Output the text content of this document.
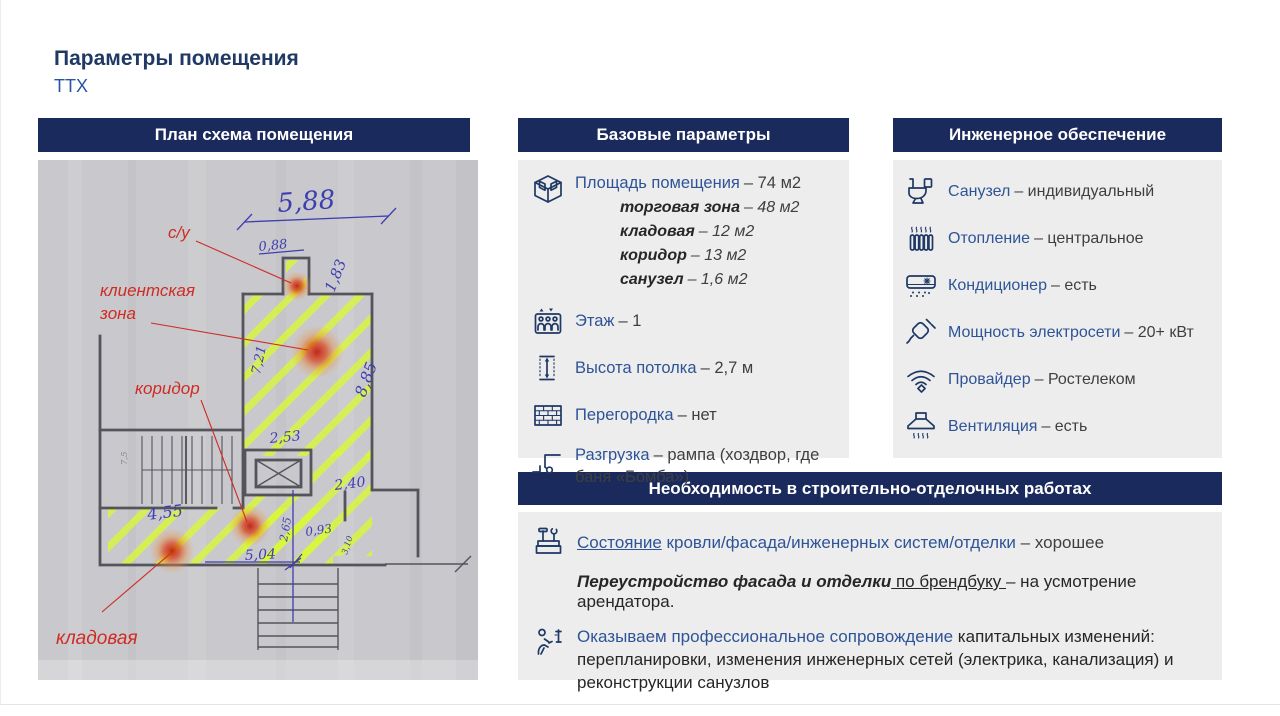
Параметры помещения
ТТХ
План схема помещения	Базовые параметры	Инженерное обеспечение
Необходимость в строительно-отделочных работах
5,88
0,88
1,83
7,21	8,85
2,53
2,40
4,55
2,65 0,93
3,10
5,04
7,5
с/у
клиентская
зона
коридор
кладовая
Площадь помещения – 74 м2
торговая зона – 48 м2
кладовая – 12 м2
коридор – 13 м2
санузел – 1,6 м2
Этаж – 1
Высота потолка – 2,7 м
Перегородка – нет
Разгрузка – рампа (хоздвор, где баня «Бомба»)
Санузел – индивидуальный
Отопление – центральное
Кондиционер – есть
Мощность электросети – 20+ кВт
Провайдер – Ростелеком
Вентиляция – есть
Состояние кровли/фасада/инженерных систем/отделки – хорошее
Переустройство фасада и отделки по брендбуку – на усмотрение арендатора.
Оказываем профессиональное сопровождение капитальных изменений: перепланировки, изменения инженерных сетей (электрика, канализация) и реконструкции санузлов
